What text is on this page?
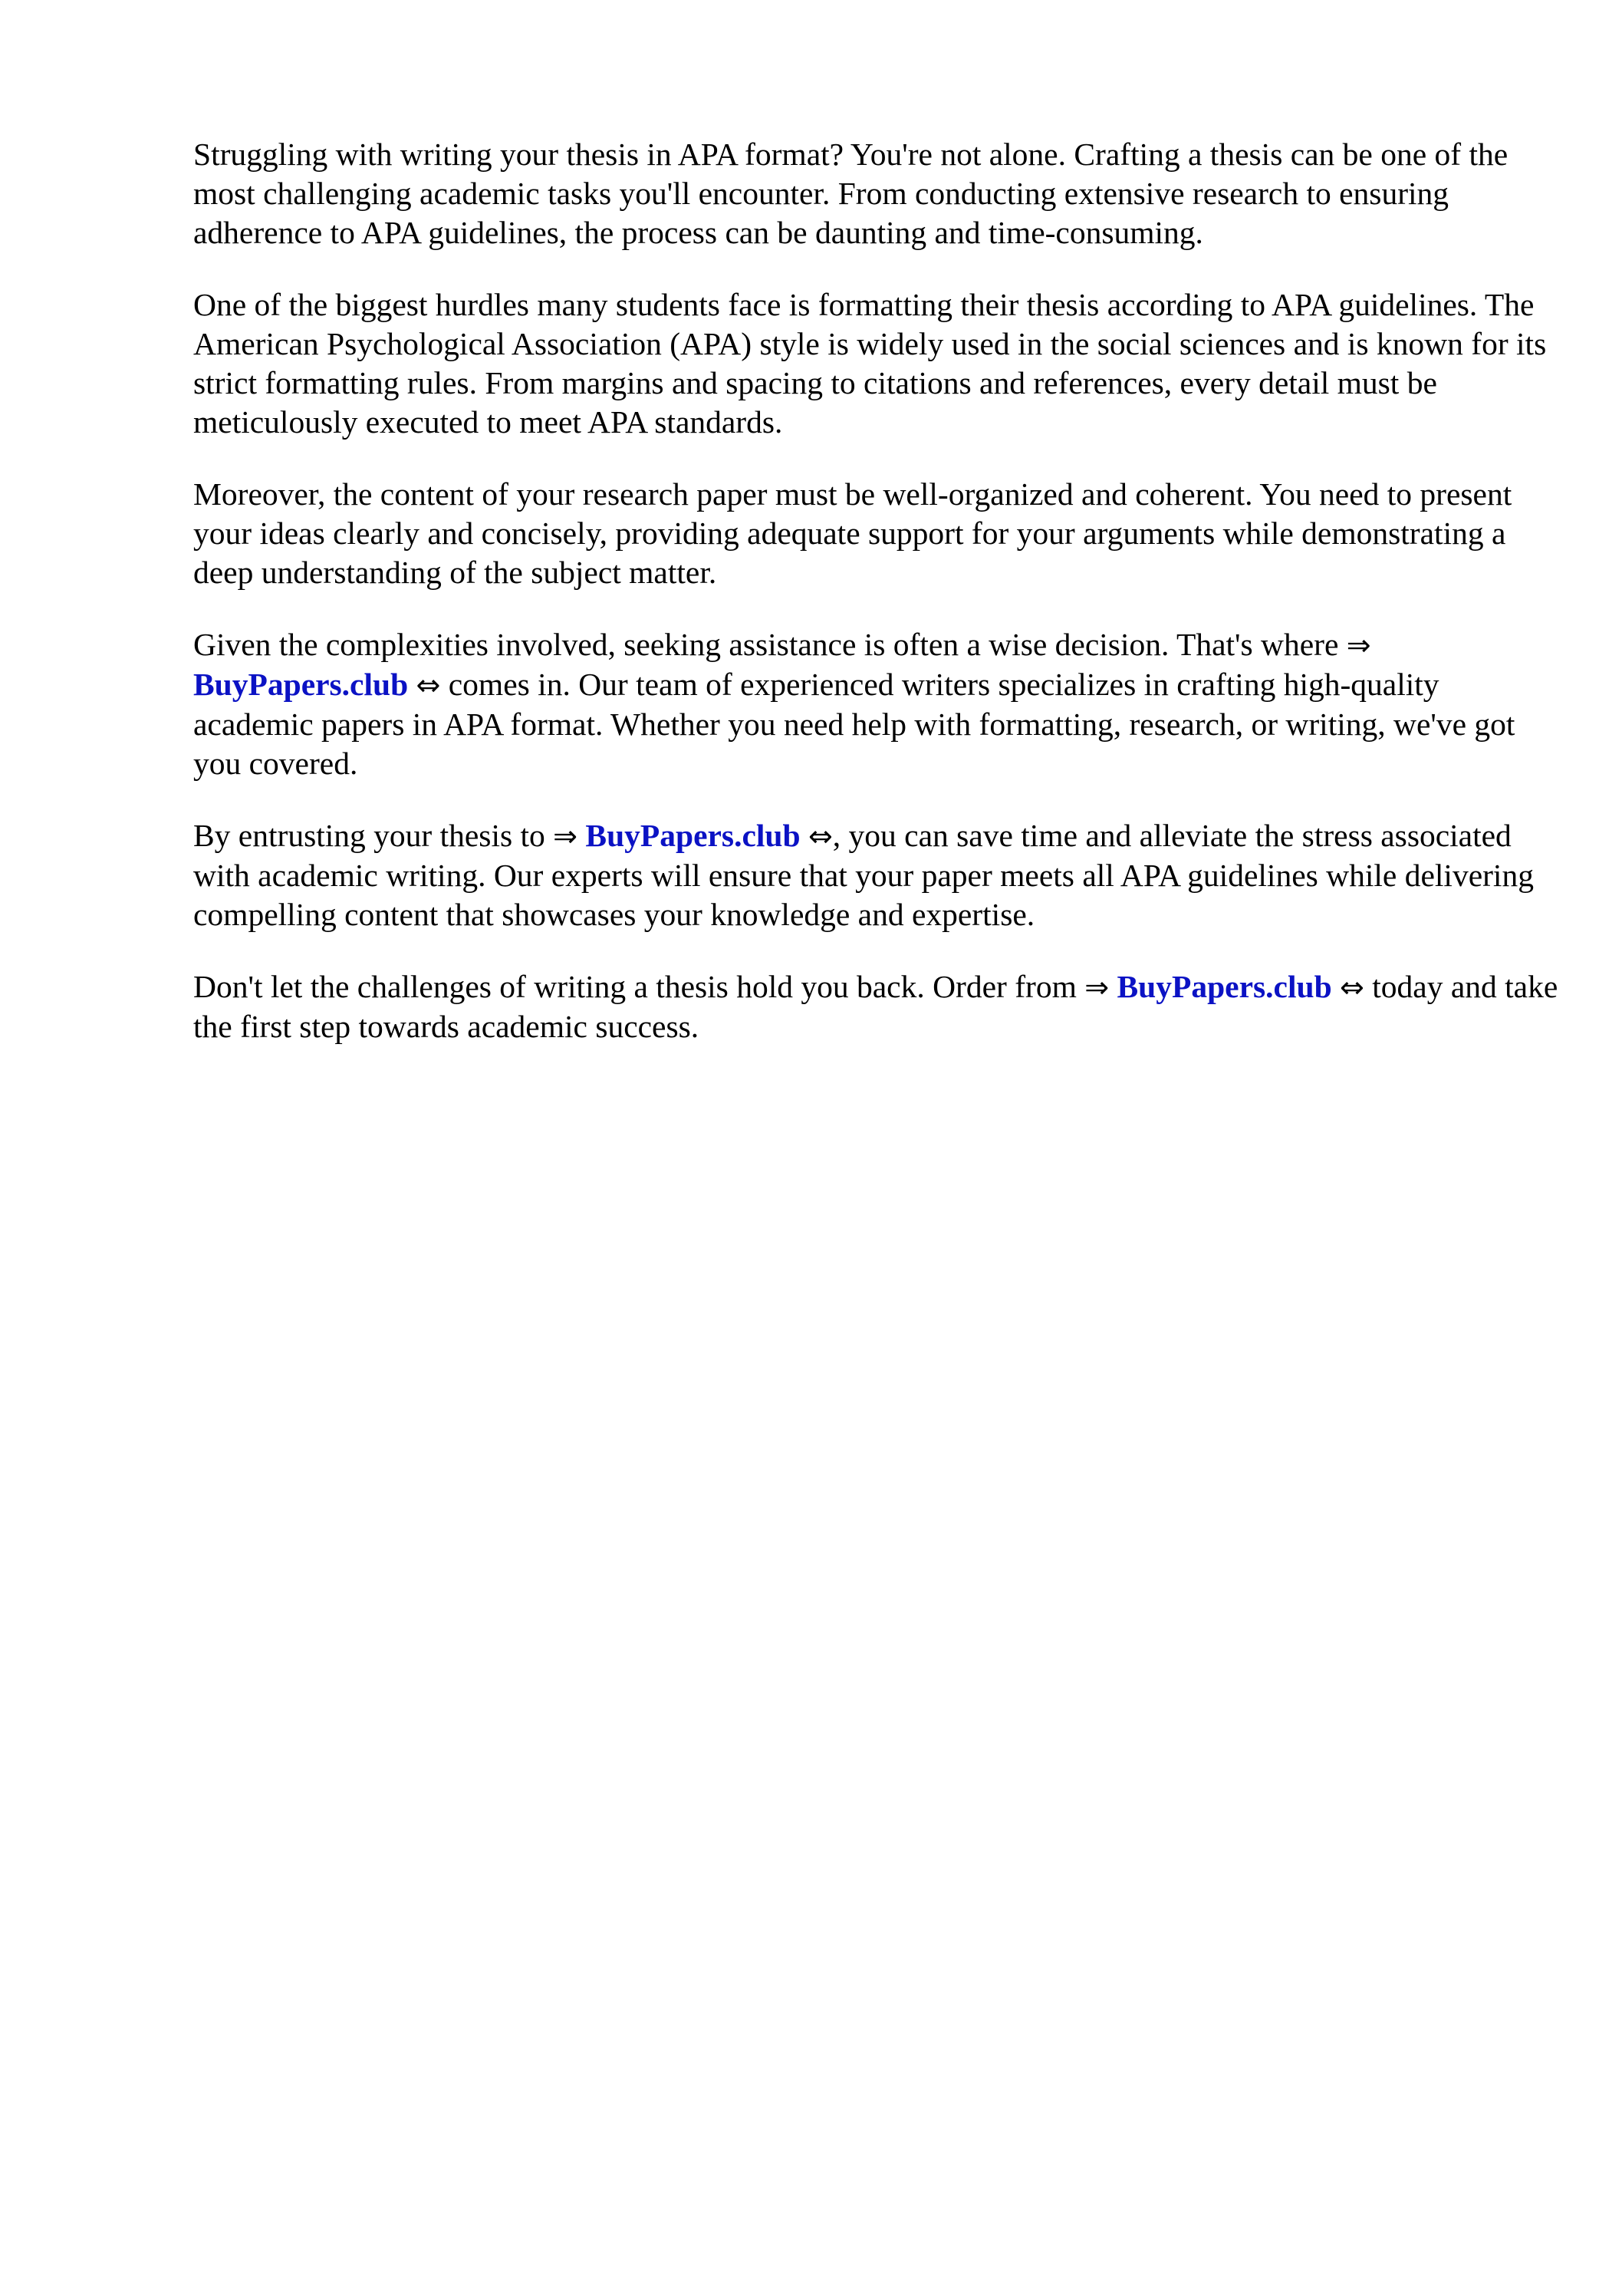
Struggling with writing your thesis in APA format? You're not alone. Crafting a thesis can be one of the most challenging academic tasks you'll encounter. From conducting extensive research to ensuring adherence to APA guidelines, the process can be daunting and time-consuming.

One of the biggest hurdles many students face is formatting their thesis according to APA guidelines. The American Psychological Association (APA) style is widely used in the social sciences and is known for its strict formatting rules. From margins and spacing to citations and references, every detail must be meticulously executed to meet APA standards.

Moreover, the content of your research paper must be well-organized and coherent. You need to present your ideas clearly and concisely, providing adequate support for your arguments while demonstrating a deep understanding of the subject matter.

Given the complexities involved, seeking assistance is often a wise decision. That's where ⇒ BuyPapers.club ⇔ comes in. Our team of experienced writers specializes in crafting high-quality academic papers in APA format. Whether you need help with formatting, research, or writing, we've got you covered.

By entrusting your thesis to ⇒ BuyPapers.club ⇔, you can save time and alleviate the stress associated with academic writing. Our experts will ensure that your paper meets all APA guidelines while delivering compelling content that showcases your knowledge and expertise.

Don't let the challenges of writing a thesis hold you back. Order from ⇒ BuyPapers.club ⇔ today and take the first step towards academic success.
